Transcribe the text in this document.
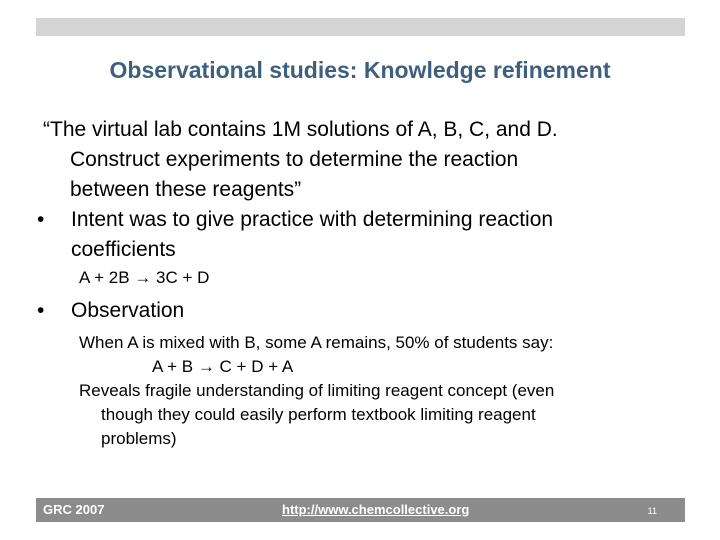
Observational studies: Knowledge refinement
“The virtual lab contains 1M solutions of A, B, C, and D.
Construct experiments to determine the reaction
between these reagents”
•	Intent was to give practice with determining reaction
coefficients
A + 2B → 3C + D
•	Observation
When A is mixed with B, some A remains, 50% of students say:
A + B → C + D + A
Reveals fragile understanding of limiting reagent concept (even
though they could easily perform textbook limiting reagent
problems)
GRC 2007	http://www.chemcollective.org	11
